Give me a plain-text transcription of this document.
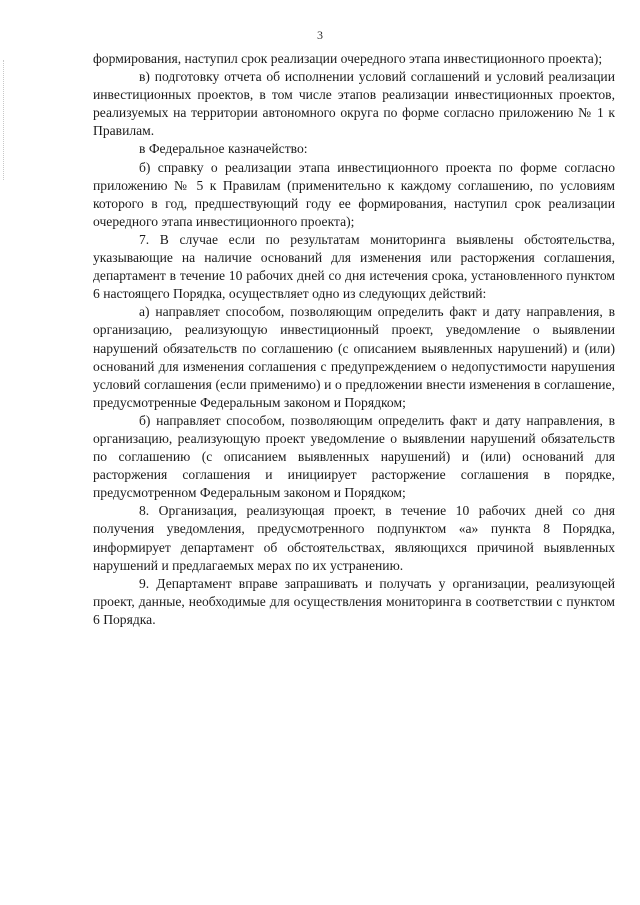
3

формирования, наступил срок реализации очередного этапа инвестиционного проекта);

в) подготовку отчета об исполнении условий соглашений и условий реализации инвестиционных проектов, в том числе этапов реализации инвестиционных проектов, реализуемых на территории автономного округа по форме согласно приложению № 1 к Правилам.

в Федеральное казначейство:

б) справку о реализации этапа инвестиционного проекта по форме согласно приложению № 5 к Правилам (применительно к каждому соглашению, по условиям которого в год, предшествующий году ее формирования, наступил срок реализации очередного этапа инвестиционного проекта);

7. В случае если по результатам мониторинга выявлены обстоятельства, указывающие на наличие оснований для изменения или расторжения соглашения, департамент в течение 10 рабочих дней со дня истечения срока, установленного пунктом 6 настоящего Порядка, осуществляет одно из следующих действий:

а) направляет способом, позволяющим определить факт и дату направления, в организацию, реализующую инвестиционный проект, уведомление о выявлении нарушений обязательств по соглашению (с описанием выявленных нарушений) и (или) оснований для изменения соглашения с предупреждением о недопустимости нарушения условий соглашения (если применимо) и о предложении внести изменения в соглашение, предусмотренные Федеральным законом и Порядком;

б) направляет способом, позволяющим определить факт и дату направления, в организацию, реализующую проект уведомление о выявлении нарушений обязательств по соглашению (с описанием выявленных нарушений) и (или) оснований для расторжения соглашения и инициирует расторжение соглашения в порядке, предусмотренном Федеральным законом и Порядком;

8. Организация, реализующая проект, в течение 10 рабочих дней со дня получения уведомления, предусмотренного подпунктом «а» пункта 8 Порядка, информирует департамент об обстоятельствах, являющихся причиной выявленных нарушений и предлагаемых мерах по их устранению.

9. Департамент вправе запрашивать и получать у организации, реализующей проект, данные, необходимые для осуществления мониторинга в соответствии с пунктом 6 Порядка.
